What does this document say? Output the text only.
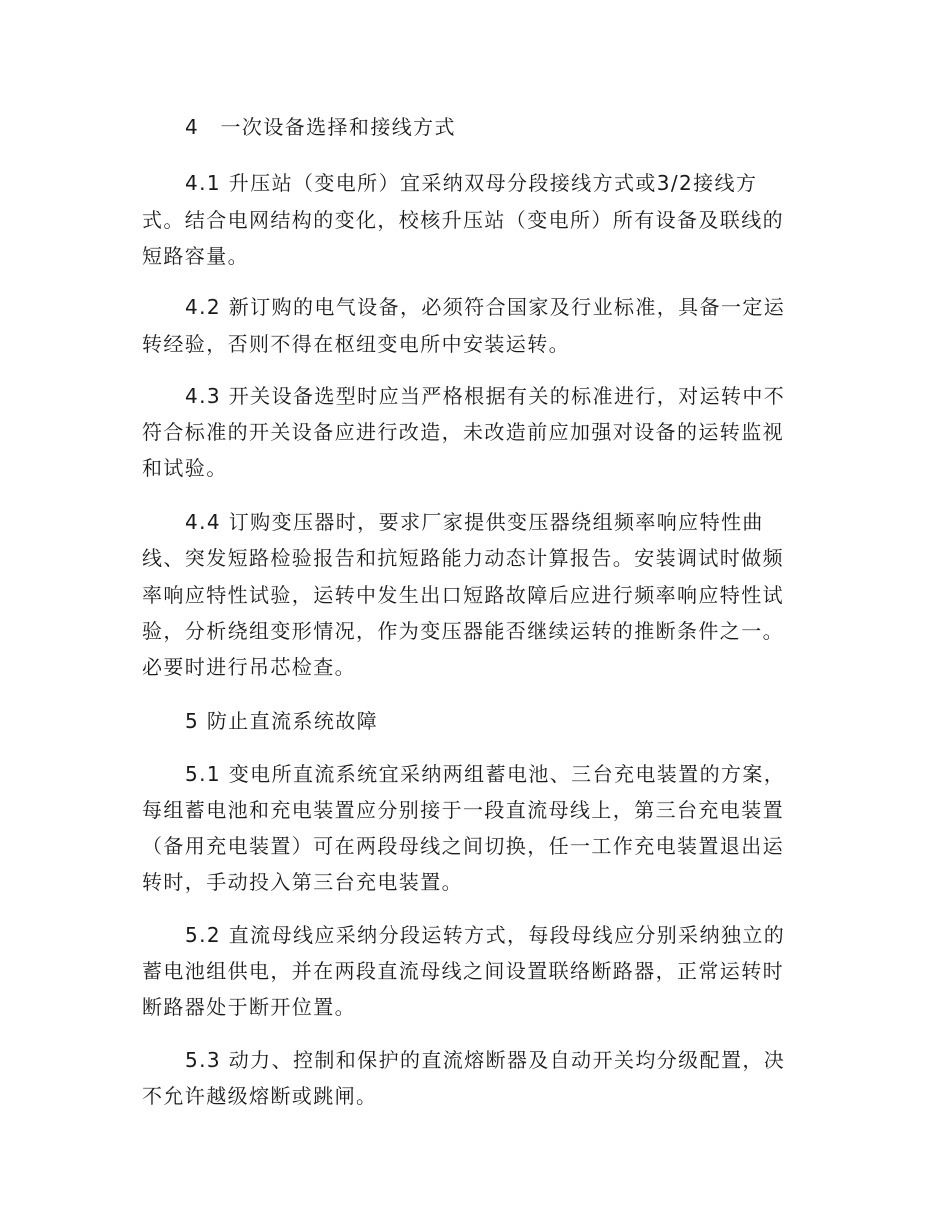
4　一次设备选择和接线方式
4.1 升压站（变电所）宜采纳双母分段接线方式或3/2接线方
式。结合电网结构的变化，校核升压站（变电所）所有设备及联线的
短路容量。
4.2 新订购的电气设备，必须符合国家及行业标准，具备一定运
转经验，否则不得在枢纽变电所中安装运转。
4.3 开关设备选型时应当严格根据有关的标准进行，对运转中不
符合标准的开关设备应进行改造，未改造前应加强对设备的运转监视
和试验。
4.4 订购变压器时，要求厂家提供变压器绕组频率响应特性曲
线、突发短路检验报告和抗短路能力动态计算报告。安装调试时做频
率响应特性试验，运转中发生出口短路故障后应进行频率响应特性试
验，分析绕组变形情况，作为变压器能否继续运转的推断条件之一。
必要时进行吊芯检查。
5 防止直流系统故障
5.1 变电所直流系统宜采纳两组蓄电池、三台充电装置的方案，
每组蓄电池和充电装置应分别接于一段直流母线上，第三台充电装置
（备用充电装置）可在两段母线之间切换，任一工作充电装置退出运
转时，手动投入第三台充电装置。
5.2 直流母线应采纳分段运转方式，每段母线应分别采纳独立的
蓄电池组供电，并在两段直流母线之间设置联络断路器，正常运转时
断路器处于断开位置。
5.3 动力、控制和保护的直流熔断器及自动开关均分级配置，决
不允许越级熔断或跳闸。
